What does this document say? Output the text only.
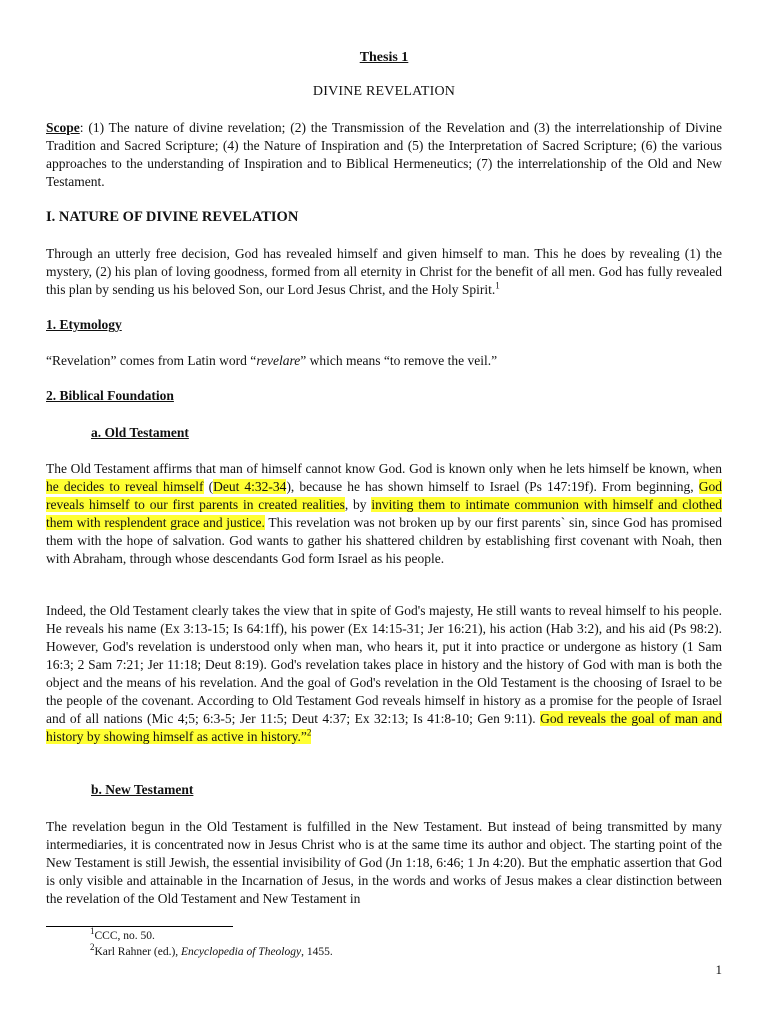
Thesis 1
DIVINE REVELATION
Scope: (1) The nature of divine revelation; (2) the Transmission of the Revelation and (3) the interrelationship of Divine Tradition and Sacred Scripture; (4) the Nature of Inspiration and (5) the Interpretation of Sacred Scripture; (6) the various approaches to the understanding of Inspiration and to Biblical Hermeneutics; (7) the interrelationship of the Old and New Testament.
I. NATURE OF DIVINE REVELATION
Through an utterly free decision, God has revealed himself and given himself to man. This he does by revealing (1) the mystery, (2) his plan of loving goodness, formed from all eternity in Christ for the benefit of all men. God has fully revealed this plan by sending us his beloved Son, our Lord Jesus Christ, and the Holy Spirit.$^1$
1. Etymology
“Revelation” comes from Latin word “revelare” which means “to remove the veil.”
2. Biblical Foundation
a. Old Testament
The Old Testament affirms that man of himself cannot know God. God is known only when he lets himself be known, when he decides to reveal himself (Deut 4:32-34), because he has shown himself to Israel (Ps 147:19f). From beginning, God reveals himself to our first parents in created realities, by inviting them to intimate communion with himself and clothed them with resplendent grace and justice. This revelation was not broken up by our first parents` sin, since God has promised them with the hope of salvation. God wants to gather his shattered children by establishing first covenant with Noah, then with Abraham, through whose descendants God form Israel as his people.
Indeed, the Old Testament clearly takes the view that in spite of God's majesty, He still wants to reveal himself to his people. He reveals his name (Ex 3:13-15; Is 64:1ff), his power (Ex 14:15-31; Jer 16:21), his action (Hab 3:2), and his aid (Ps 98:2). However, God's revelation is understood only when man, who hears it, put it into practice or undergone as history (1 Sam 16:3; 2 Sam 7:21; Jer 11:18; Deut 8:19). God's revelation takes place in history and the history of God with man is both the object and the means of his revelation. And the goal of God's revelation in the Old Testament is the choosing of Israel to be the people of the covenant. According to Old Testament God reveals himself in history as a promise for the people of Israel and of all nations (Mic 4;5; 6:3-5; Jer 11:5; Deut 4:37; Ex 32:13; Is 41:8-10; Gen 9:11). God reveals the goal of man and history by showing himself as active in history.”$^2$
b. New Testament
The revelation begun in the Old Testament is fulfilled in the New Testament. But instead of being transmitted by many intermediaries, it is concentrated now in Jesus Christ who is at the same time its author and object. The starting point of the New Testament is still Jewish, the essential invisibility of God (Jn 1:18, 6:46; 1 Jn 4:20). But the emphatic assertion that God is only visible and attainable in the Incarnation of Jesus, in the words and works of Jesus makes a clear distinction between the revelation of the Old Testament and New Testament in
$^1$CCC, no. 50.
$^2$Karl Rahner (ed.), Encyclopedia of Theology, 1455.
1
